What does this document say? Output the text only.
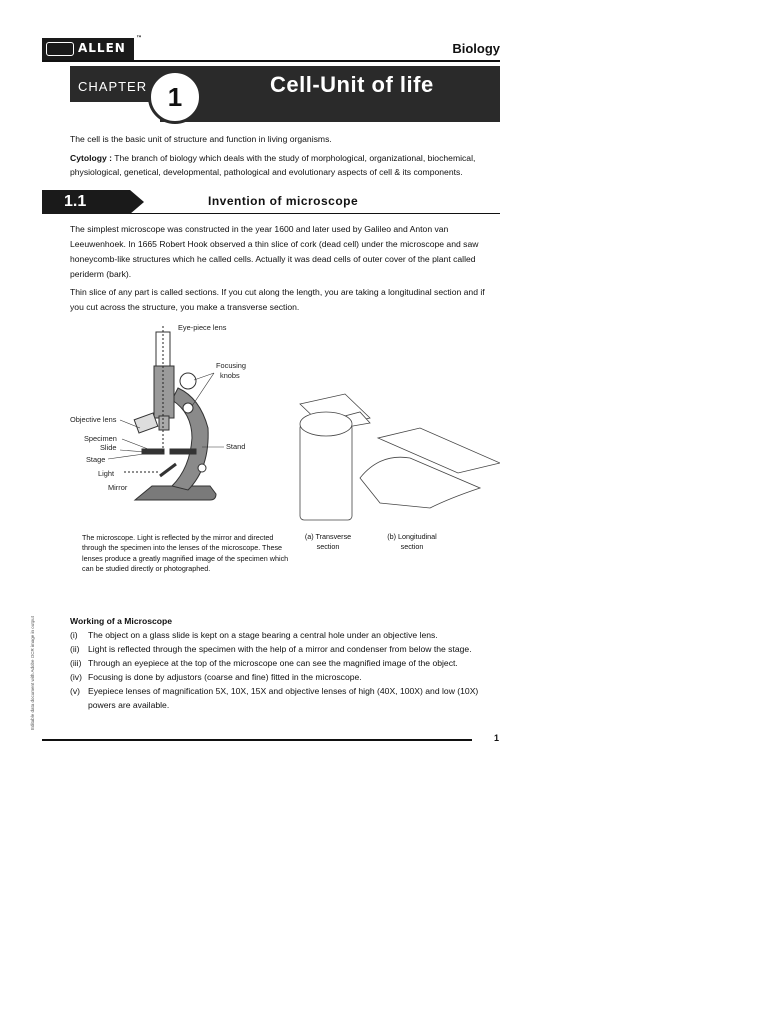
ALLEN
™
Biology
CHAPTER 1	Cell-Unit of life

The cell is the basic unit of structure and function in living organisms.

Cytology : The branch of biology which deals with the study of morphological, organizational, biochemical, physiological, genetical, developmental, pathological and evolutionary aspects of cell & its components.

1.1	Invention of microscope

The simplest microscope was constructed in the year 1600 and later used by Galileo and Anton van Leeuwenhoek. In 1665 Robert Hook observed a thin slice of cork (dead cell) under the microscope and saw honeycomb-like structures which he called cells. Actually it was dead cells of outer cover of the plant called periderm (bark).

Thin slice of any part is called sections. If you cut along the length, you are taking a longitudinal section and if you cut across the structure, you make a transverse section.

Eye-piece lens
Focusing
knobs
Objective lens
Specimen
Slide
Stage
Light
Mirror
Stand
The microscope. Light is reflected by the mirror and directed through the specimen into the lenses of the microscope. These lenses produce a greatly magnified image of the specimen which can be studied directly or photographed.
(a) Transverse section
(b) Longitudinal section
Working of a Microscope
(i)	The object on a glass slide is kept on a stage bearing a central hole under an objective lens.
(ii) Light is reflected through the specimen with the help of a mirror and condenser from below the stage.
(iii) Through an eyepiece at the top of the microscope one can see the magnified image of the object.
(iv) Focusing is done by adjustors (coarse and fine) fitted in the microscope.
(v) Eyepiece lenses of magnification 5X, 10X, 15X and objective lenses of high (40X, 100X) and low (10X) powers are available.
Editable data document with Adobe OCR image in output
1
